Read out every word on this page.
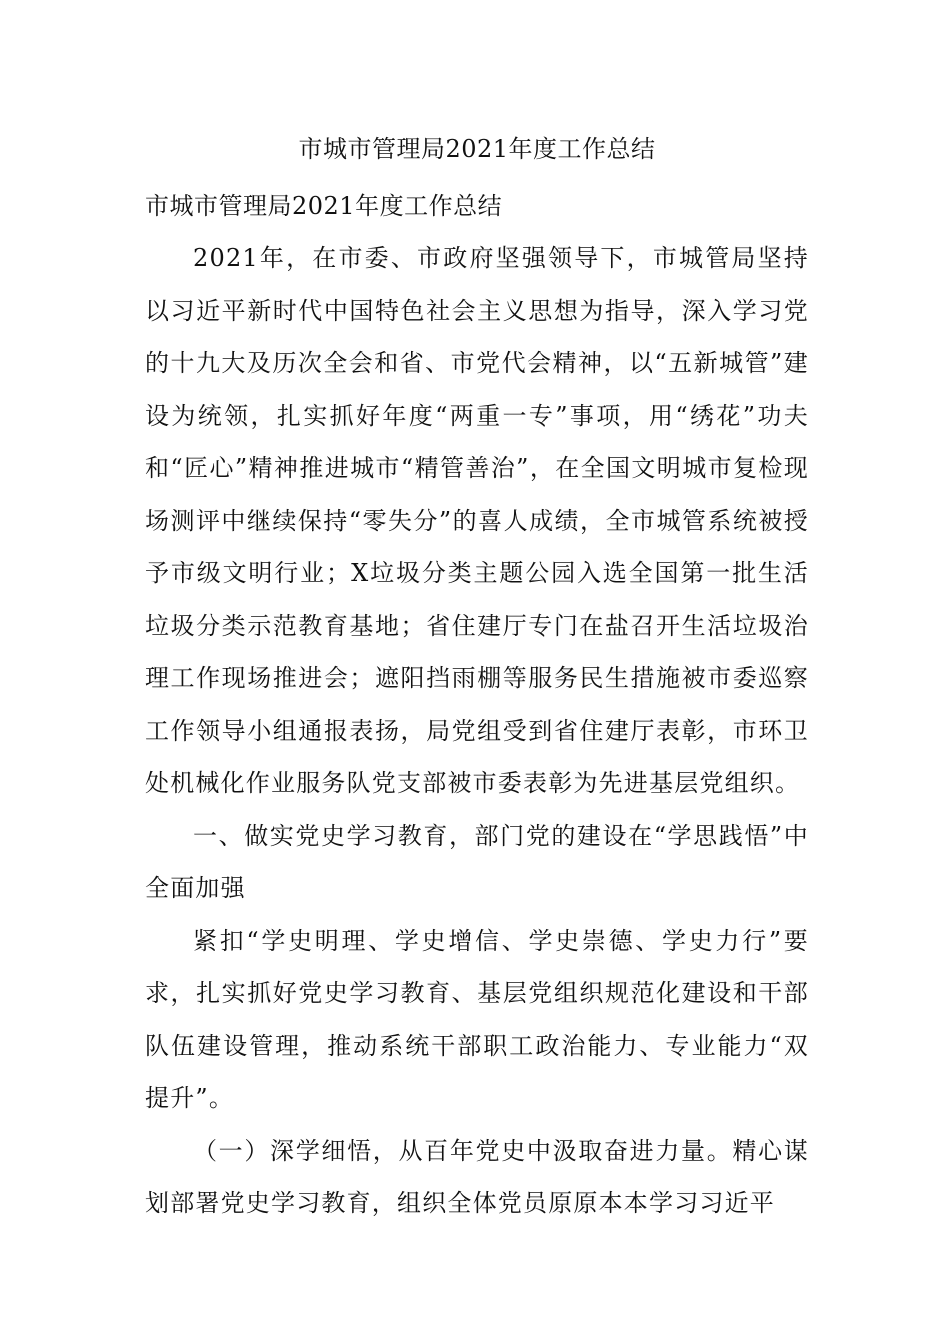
市城市管理局2021年度工作总结

市城市管理局2021年度工作总结

2021年，在市委、市政府坚强领导下，市城管局坚持以习近平新时代中国特色社会主义思想为指导，深入学习党的十九大及历次全会和省、市党代会精神，以“五新城管”建设为统领，扎实抓好年度“两重一专”事项，用“绣花”功夫和“匠心”精神推进城市“精管善治”，在全国文明城市复检现场测评中继续保持“零失分”的喜人成绩，全市城管系统被授予市级文明行业；X垃圾分类主题公园入选全国第一批生活垃圾分类示范教育基地；省住建厅专门在盐召开生活垃圾治理工作现场推进会；遮阳挡雨棚等服务民生措施被市委巡察工作领导小组通报表扬，局党组受到省住建厅表彰，市环卫处机械化作业服务队党支部被市委表彰为先进基层党组织。

一、做实党史学习教育，部门党的建设在“学思践悟”中全面加强

紧扣“学史明理、学史增信、学史崇德、学史力行”要求，扎实抓好党史学习教育、基层党组织规范化建设和干部队伍建设管理，推动系统干部职工政治能力、专业能力“双提升”。

（一）深学细悟，从百年党史中汲取奋进力量。精心谋划部署党史学习教育，组织全体党员原原本本学习习近平
